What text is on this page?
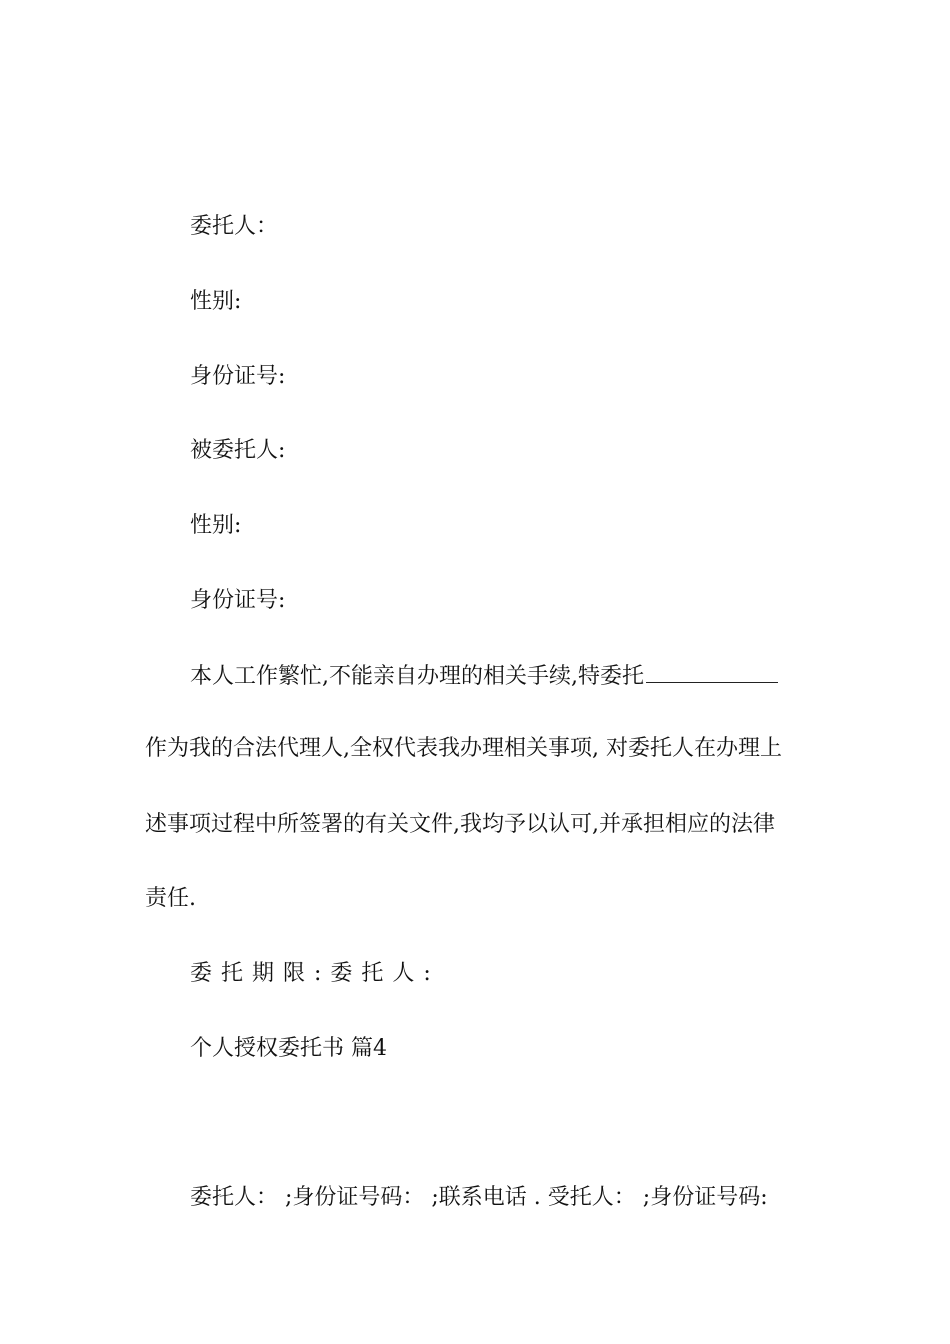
委托人：
性别:
身份证号:
被委托人:
性别:
身份证号:
本人工作繁忙,不能亲自办理的相关手续,特委托
作为我的合法代理人,全权代表我办理相关事项, 对委托人在办理上
述事项过程中所签署的有关文件,我均予以认可,并承担相应的法律
责任.
委托期限:委托人:
个人授权委托书 篇4
委托人： ;身份证号码： ;联系电话 . 受托人： ;身份证号码:
